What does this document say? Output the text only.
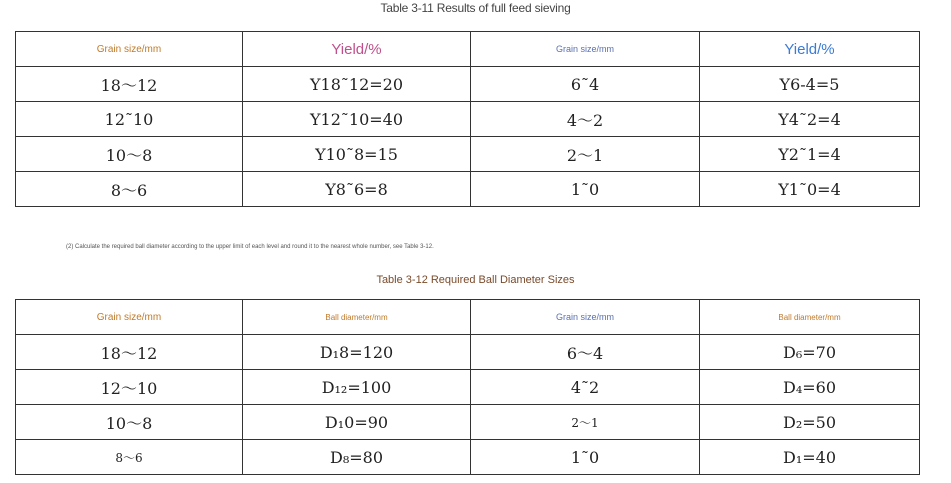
Table 3-11 Results of full feed sieving
Grain size/mm	Yield/%	Grain size/mm	Yield/%
18～12	Y18˜12=20	6˜4	Y6-4=5
12˜10	Y12˜10=40	4～2	Y4˜2=4
10～8	Y10˜8=15	2～1	Y2˜1=4
8～6	Y8˜6=8	1˜0	Y1˜0=4
(2) Calculate the required ball diameter according to the upper limit of each level and round it to the nearest whole number, see Table 3-12.
Table 3-12 Required Ball Diameter Sizes
Grain size/mm	Ball diameter/mm	Grain size/mm	Ball diameter/mm
18～12	D₁8=120	6～4	D₆=70
12～10	D₁₂=100	4˜2	D₄=60
10～8	D₁0=90	2～1	D₂=50
8～6	D₈=80	1˜0	D₁=40
